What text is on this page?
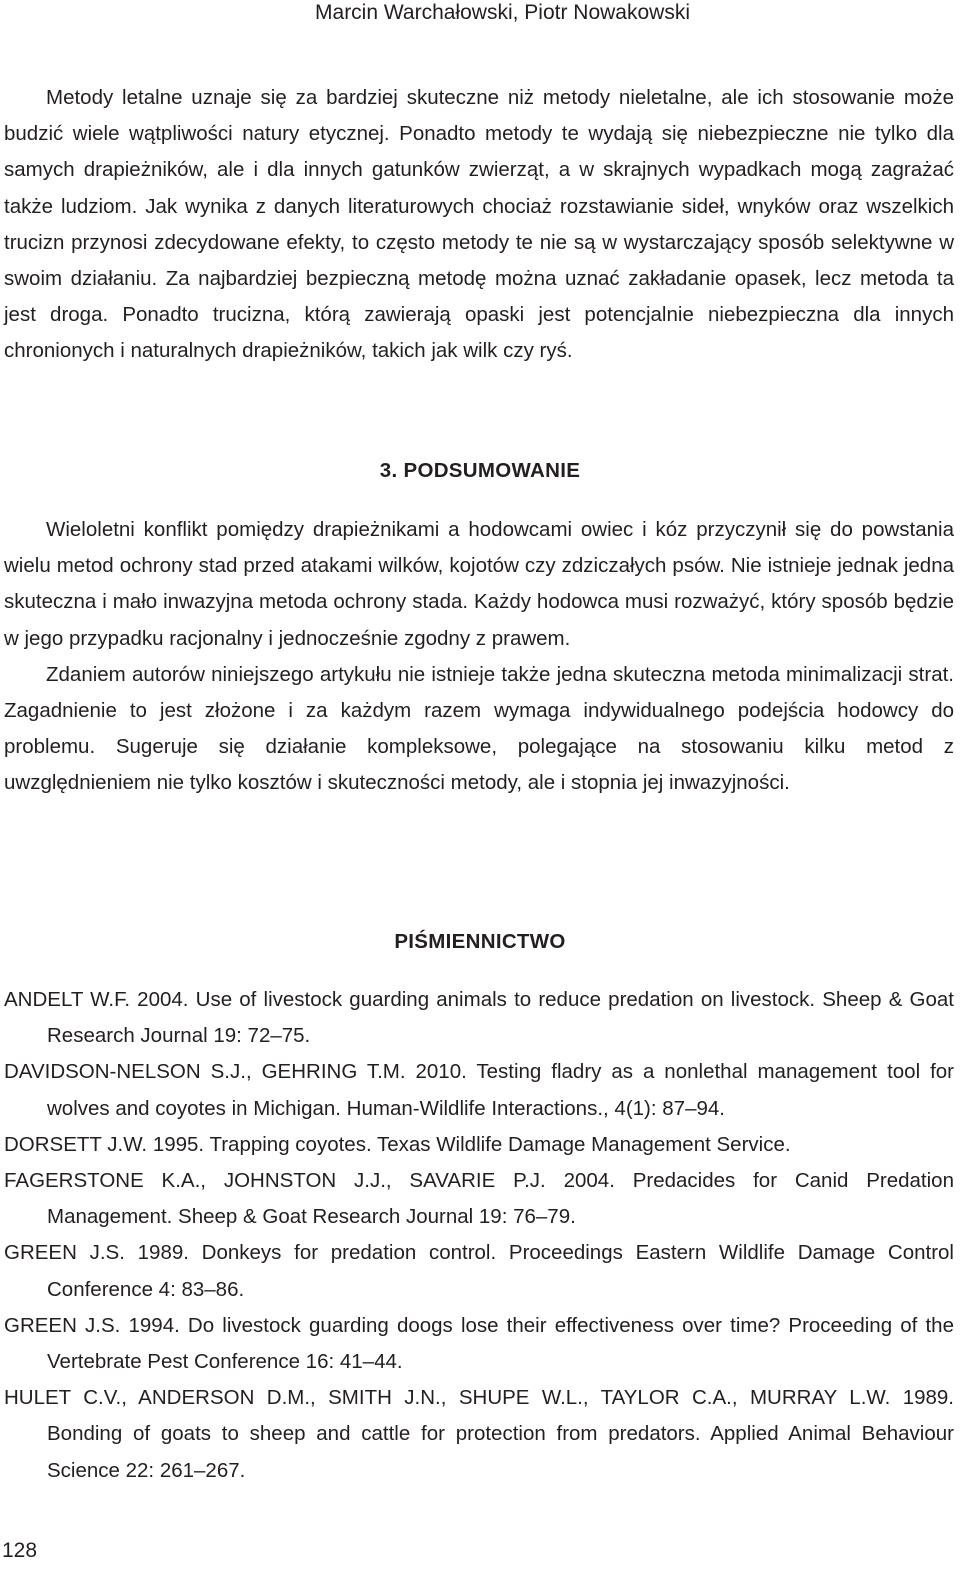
Marcin Warchałowski, Piotr Nowakowski

Metody letalne uznaje się za bardziej skuteczne niż metody nieletalne, ale ich stosowanie może budzić wiele wątpliwości natury etycznej. Ponadto metody te wydają się niebezpieczne nie tylko dla samych drapieżników, ale i dla innych gatunków zwierząt, a w skrajnych wypadkach mogą zagrażać także ludziom. Jak wynika z danych literaturowych chociaż rozstawianie sideł, wnyków oraz wszelkich trucizn przynosi zdecydowane efekty, to często metody te nie są w wystarczający sposób selektywne w swoim działaniu. Za najbardziej bezpieczną metodę można uznać zakładanie opasek, lecz metoda ta jest droga. Ponadto trucizna, którą zawierają opaski jest potencjalnie niebezpieczna dla innych chronionych i naturalnych drapieżników, takich jak wilk czy ryś.

3. PODSUMOWANIE

Wieloletni konflikt pomiędzy drapieżnikami a hodowcami owiec i kóz przyczynił się do powstania wielu metod ochrony stad przed atakami wilków, kojotów czy zdziczałych psów. Nie istnieje jednak jedna skuteczna i mało inwazyjna metoda ochrony stada. Każdy hodowca musi rozważyć, który sposób będzie w jego przypadku racjonalny i jednocześnie zgodny z prawem.

Zdaniem autorów niniejszego artykułu nie istnieje także jedna skuteczna metoda minimalizacji strat. Zagadnienie to jest złożone i za każdym razem wymaga indywidualnego podejścia hodowcy do problemu. Sugeruje się działanie kompleksowe, polegające na stosowaniu kilku metod z uwzględnieniem nie tylko kosztów i skuteczności metody, ale i stopnia jej inwazyjności.

PIŚMIENNICTWO

ANDELT W.F. 2004. Use of livestock guarding animals to reduce predation on livestock. Sheep & Goat Research Journal 19: 72–75.

DAVIDSON-NELSON S.J., GEHRING T.M. 2010. Testing fladry as a nonlethal management tool for wolves and coyotes in Michigan. Human-Wildlife Interactions., 4(1): 87–94.

DORSETT J.W. 1995. Trapping coyotes. Texas Wildlife Damage Management Service.

FAGERSTONE K.A., JOHNSTON J.J., SAVARIE P.J. 2004. Predacides for Canid Predation Management. Sheep & Goat Research Journal 19: 76–79.

GREEN J.S. 1989. Donkeys for predation control. Proceedings Eastern Wildlife Damage Control Conference 4: 83–86.

GREEN J.S. 1994. Do livestock guarding doogs lose their effectiveness over time? Proceeding of the Vertebrate Pest Conference 16: 41–44.

HULET C.V., ANDERSON D.M., SMITH J.N., SHUPE W.L., TAYLOR C.A., MURRAY L.W. 1989. Bonding of goats to sheep and cattle for protection from predators. Applied Animal Behaviour Science 22: 261–267.

128
